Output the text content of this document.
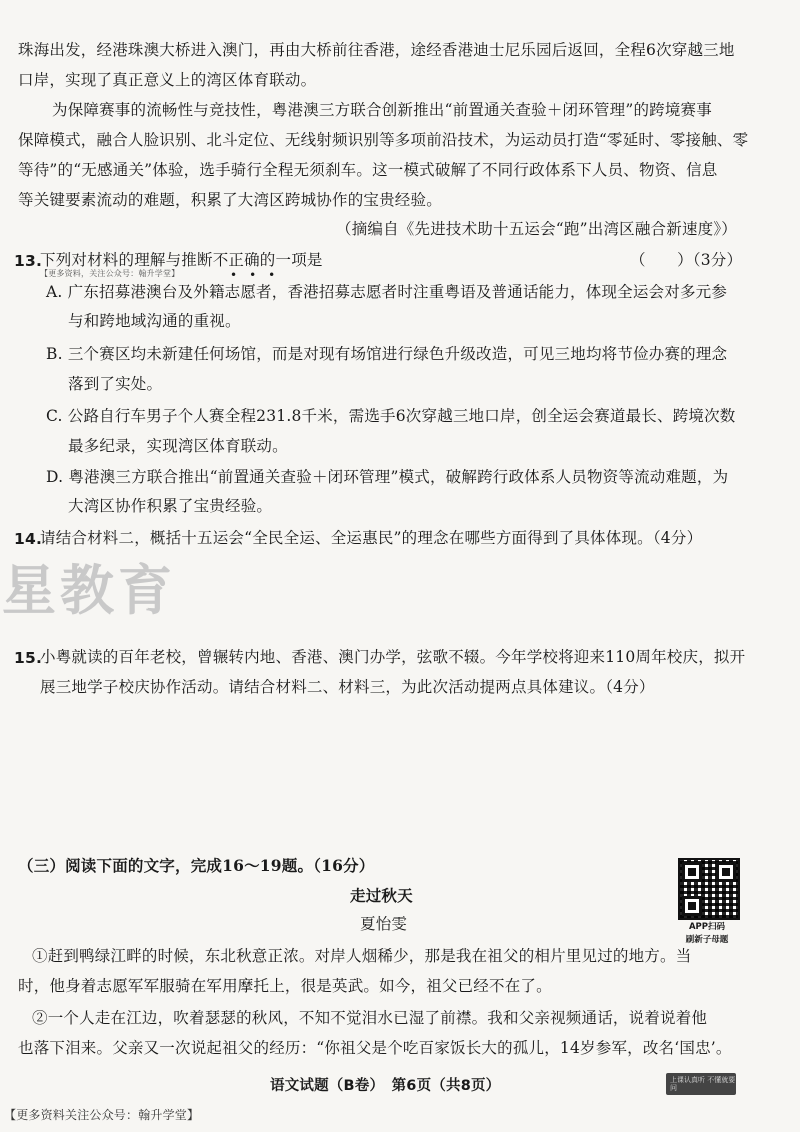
珠海出发，经港珠澳大桥进入澳门，再由大桥前往香港，途经香港迪士尼乐园后返回，全程6次穿越三地
口岸，实现了真正意义上的湾区体育联动。
为保障赛事的流畅性与竞技性，粤港澳三方联合创新推出“前置通关查验＋闭环管理”的跨境赛事
保障模式，融合人脸识别、北斗定位、无线射频识别等多项前沿技术，为运动员打造“零延时、零接触、零
等待”的“无感通关”体验，选手骑行全程无须刹车。这一模式破解了不同行政体系下人员、物资、信息
等关键要素流动的难题，积累了大湾区跨城协作的宝贵经验。
（摘编自《先进技术助十五运会“跑”出湾区融合新速度》）
13.
下列对材料的理解与推断不正确的一项是
•　•　•
【更多资料，关注公众号：翰升学堂】
（　　）（3分）
A. 广东招募港澳台及外籍志愿者，香港招募志愿者时注重粤语及普通话能力，体现全运会对多元参
与和跨地域沟通的重视。
B. 三个赛区均未新建任何场馆，而是对现有场馆进行绿色升级改造，可见三地均将节俭办赛的理念
落到了实处。
C. 公路自行车男子个人赛全程231.8千米，需选手6次穿越三地口岸，创全运会赛道最长、跨境次数
最多纪录，实现湾区体育联动。
D. 粤港澳三方联合推出“前置通关查验＋闭环管理”模式，破解跨行政体系人员物资等流动难题，为
大湾区协作积累了宝贵经验。
14.
请结合材料二，概括十五运会“全民全运、全运惠民”的理念在哪些方面得到了具体体现。（4分）
星教育
15.
小粤就读的百年老校，曾辗转内地、香港、澳门办学，弦歌不辍。今年学校将迎来110周年校庆，拟开
展三地学子校庆协作活动。请结合材料二、材料三，为此次活动提两点具体建议。（4分）
（三）阅读下面的文字，完成16～19题。（16分）
走过秋天
夏怡雯	APP扫码
刷新子母题
①赶到鸭绿江畔的时候，东北秋意正浓。对岸人烟稀少，那是我在祖父的相片里见过的地方。当
时，他身着志愿军军服骑在军用摩托上，很是英武。如今，祖父已经不在了。
②一个人走在江边，吹着瑟瑟的秋风，不知不觉泪水已湿了前襟。我和父亲视频通话，说着说着他
也落下泪来。父亲又一次说起祖父的经历：“你祖父是个吃百家饭长大的孤儿，14岁参军，改名‘国忠’。
语文试题（B卷）　第6页（共8页）	上课认真听 不懂就要问
【更多资料关注公众号：翰升学堂】
